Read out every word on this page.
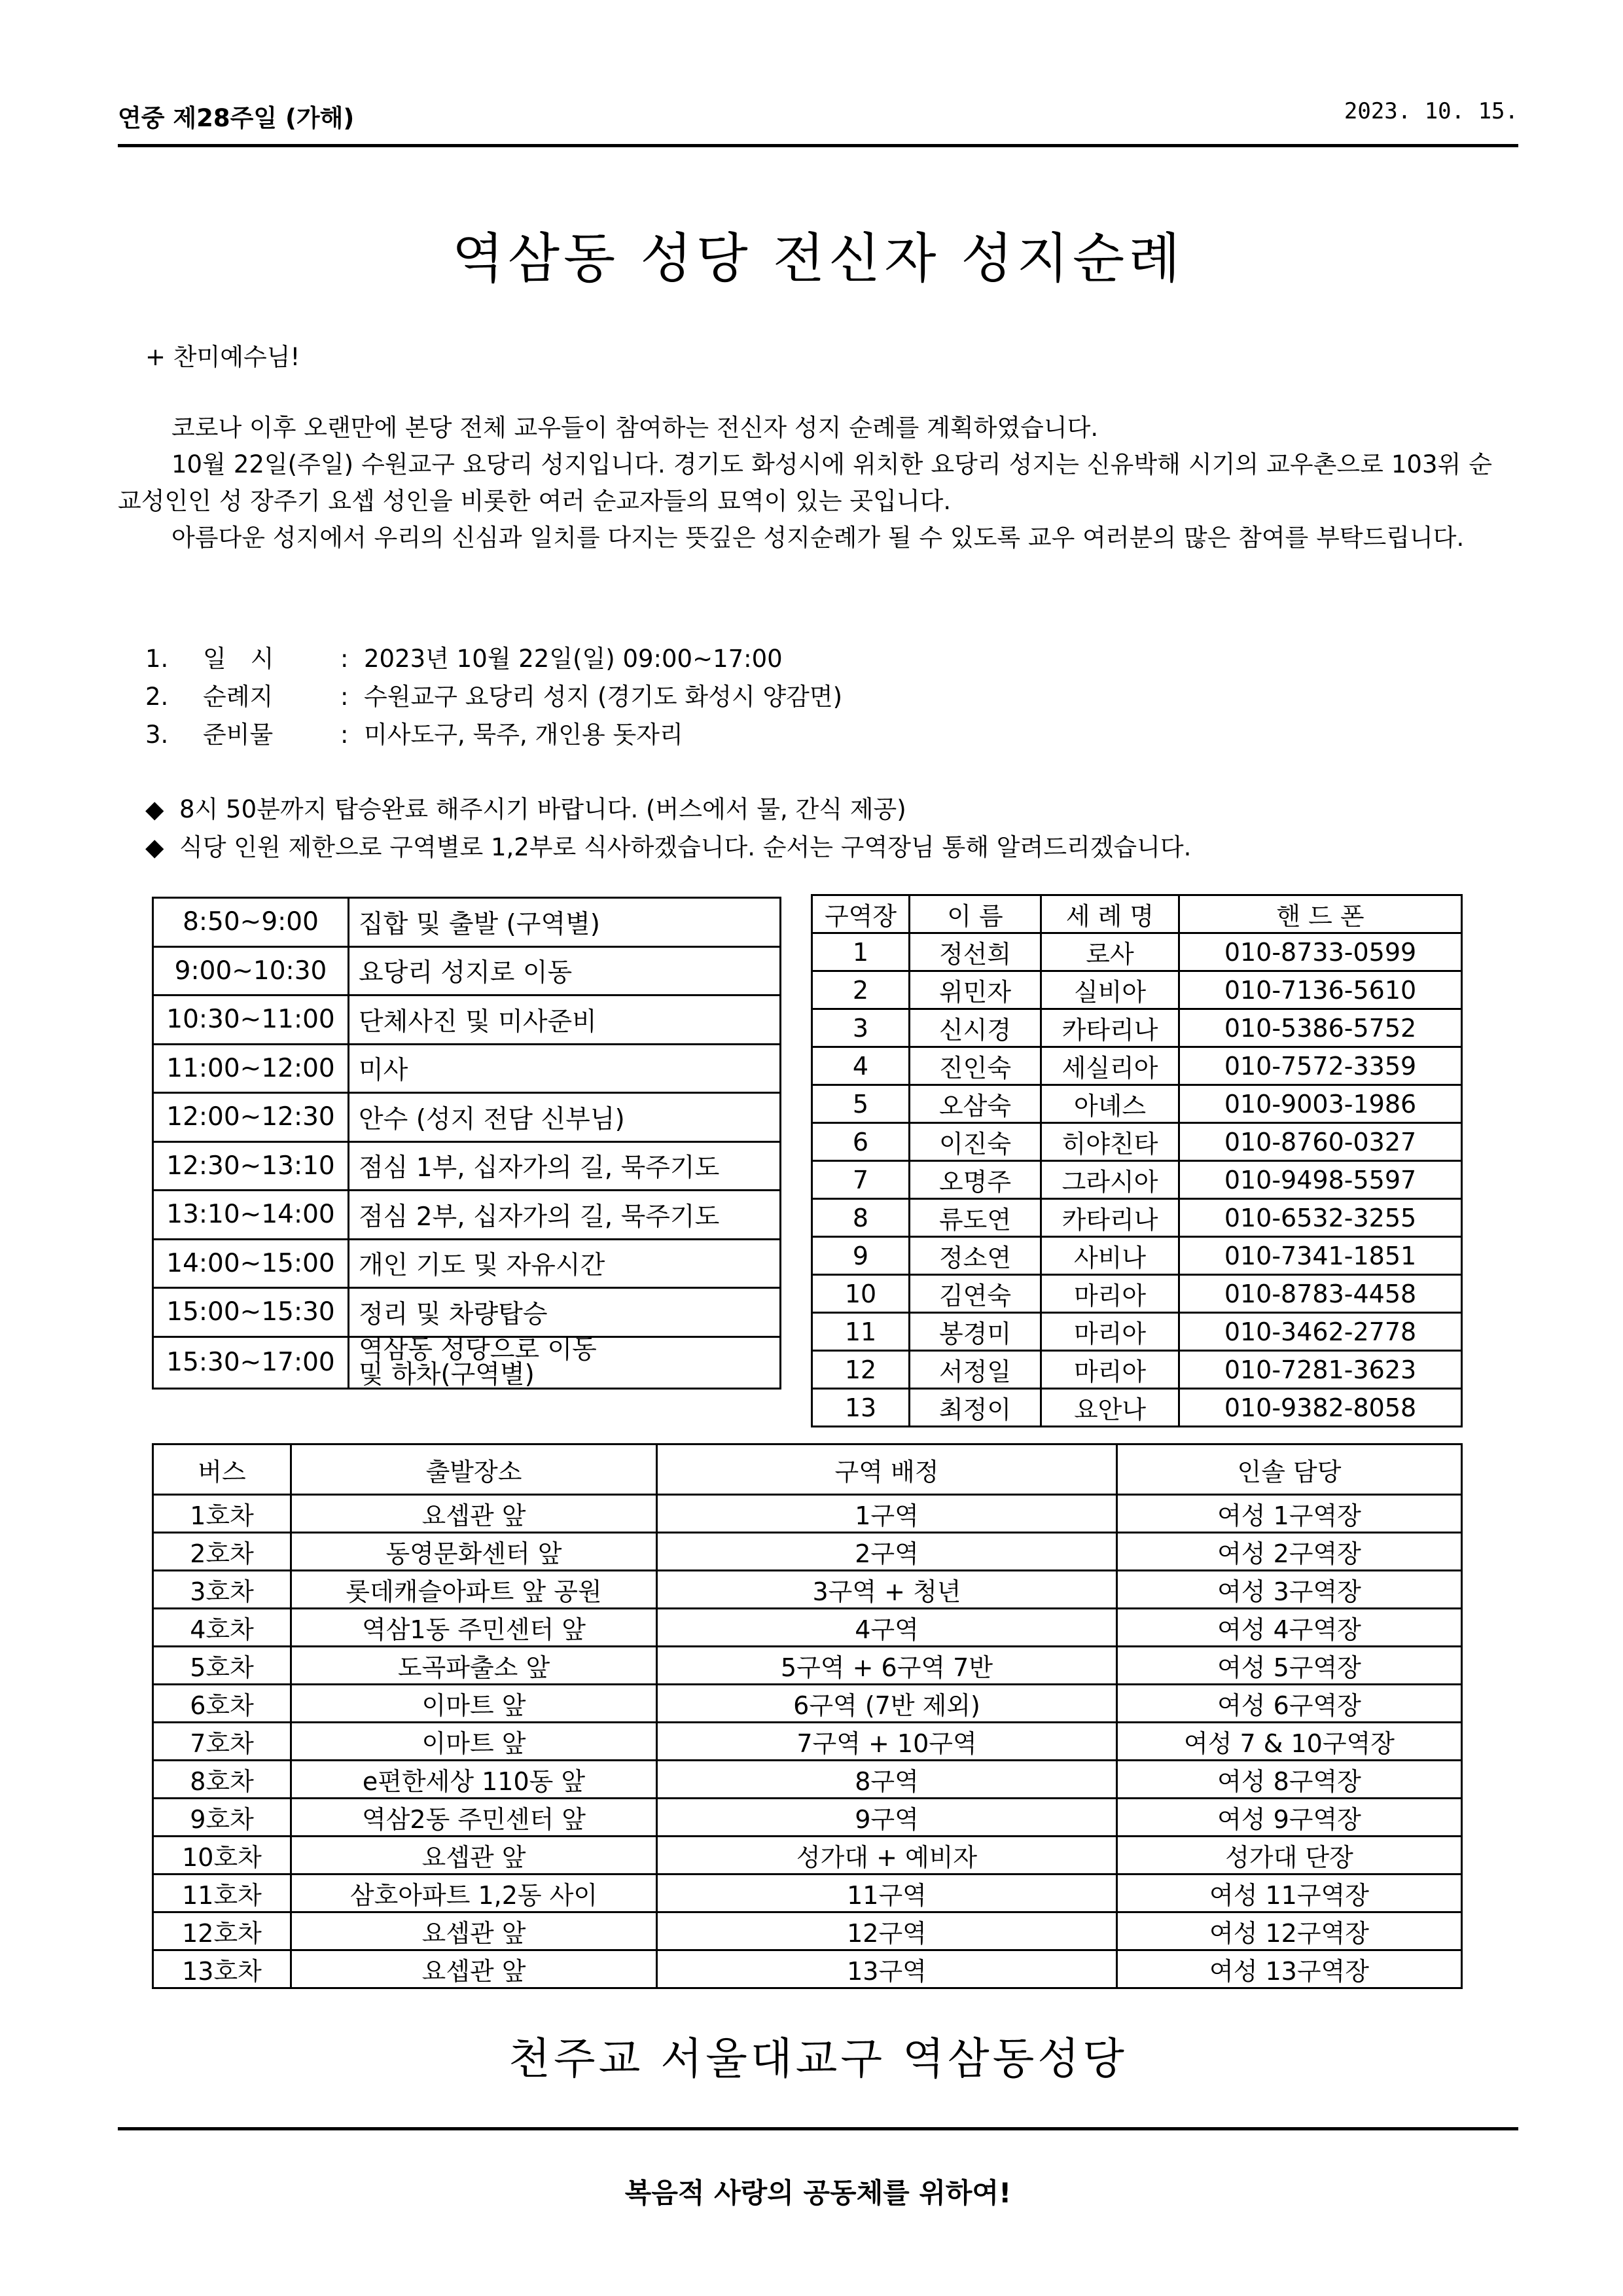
연중 제28주일 (가해)	2023. 10. 15.
역삼동 성당 전신자 성지순례
+ 찬미예수님!

코로나 이후 오랜만에 본당 전체 교우들이 참여하는 전신자 성지 순례를 계획하였습니다.

10월 22일(주일) 수원교구 요당리 성지입니다. 경기도 화성시에 위치한 요당리 성지는 신유박해 시기의 교우촌으로 103위 순교성인인 성 장주기 요셉 성인을 비롯한 여러 순교자들의 묘역이 있는 곳입니다.

아름다운 성지에서 우리의 신심과 일치를 다지는 뜻깊은 성지순례가 될 수 있도록 교우 여러분의 많은 참여를 부탁드립니다.

1.	일　시	: 2023년 10월 22일(일) 09:00~17:00
2.	순례지	: 수원교구 요당리 성지 (경기도 화성시 양감면)
3.	준비물	: 미사도구, 묵주, 개인용 돗자리
◆ 8시 50분까지 탑승완료 해주시기 바랍니다. (버스에서 물, 간식 제공)
◆ 식당 인원 제한으로 구역별로 1,2부로 식사하겠습니다. 순서는 구역장님 통해 알려드리겠습니다.
8:50~9:00	집합 및 출발 (구역별)
9:00~10:30	요당리 성지로 이동
10:30~11:00	단체사진 및 미사준비
11:00~12:00	미사
12:00~12:30	안수 (성지 전담 신부님)
12:30~13:10	점심 1부, 십자가의 길, 묵주기도
13:10~14:00	점심 2부, 십자가의 길, 묵주기도
14:00~15:00	개인 기도 및 자유시간
15:00~15:30	정리 및 차량탑승
15:30~17:00	역삼동 성당으로 이동
및 하차(구역별)
구역장	이 름	세 례 명	핸 드 폰
1	정선희	로사	010-8733-0599
2	위민자	실비아	010-7136-5610
3	신시경	카타리나	010-5386-5752
4	진인숙	세실리아	010-7572-3359
5	오삼숙	아녜스	010-9003-1986
6	이진숙	히야친타	010-8760-0327
7	오명주	그라시아	010-9498-5597
8	류도연	카타리나	010-6532-3255
9	정소연	사비나	010-7341-1851
10	김연숙	마리아	010-8783-4458
11	봉경미	마리아	010-3462-2778
12	서정일	마리아	010-7281-3623
13	최정이	요안나	010-9382-8058
버스	출발장소	구역 배정	인솔 담당
1호차	요셉관 앞	1구역	여성 1구역장
2호차	동영문화센터 앞	2구역	여성 2구역장
3호차	롯데캐슬아파트 앞 공원	3구역 + 청년	여성 3구역장
4호차	역삼1동 주민센터 앞	4구역	여성 4구역장
5호차	도곡파출소 앞	5구역 + 6구역 7반	여성 5구역장
6호차	이마트 앞	6구역 (7반 제외)	여성 6구역장
7호차	이마트 앞	7구역 + 10구역	여성 7 & 10구역장
8호차	e편한세상 110동 앞	8구역	여성 8구역장
9호차	역삼2동 주민센터 앞	9구역	여성 9구역장
10호차	요셉관 앞	성가대 + 예비자	성가대 단장
11호차	삼호아파트 1,2동 사이	11구역	여성 11구역장
12호차	요셉관 앞	12구역	여성 12구역장
13호차	요셉관 앞	13구역	여성 13구역장
천주교 서울대교구 역삼동성당
복음적 사랑의 공동체를 위하여!
